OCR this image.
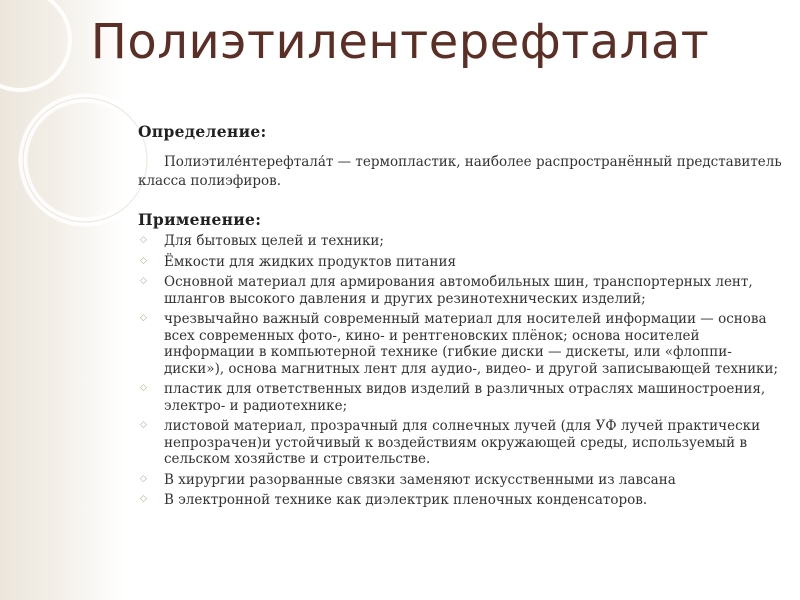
Полиэтилентерефталат

Определение:

Полиэтиле́нтерефтала́т — термопластик, наиболее распространённый представитель класса полиэфиров.

Применение:

◇ Для бытовых целей и техники;
◇ Ёмкости для жидких продуктов питания
◇ Основной материал для армирования автомобильных шин, транспортерных лент, шлангов высокого давления и других резинотехнических изделий;
◇ чрезвычайно важный современный материал для носителей информации — основа всех современных фото-, кино- и рентгеновских плёнок; основа носителей информации в компьютерной технике (гибкие диски — дискеты, или «флоппи-диски»), основа магнитных лент для аудио-, видео- и другой записывающей техники;
◇ пластик для ответственных видов изделий в различных отраслях машиностроения, электро- и радиотехнике;
◇ листовой материал, прозрачный для солнечных лучей (для УФ лучей практически непрозрачен)и устойчивый к воздействиям окружающей среды, используемый в сельском хозяйстве и строительстве.
◇ В хирургии разорванные связки заменяют искусственными из лавсана
◇ В электронной технике как диэлектрик пленочных конденсаторов.
